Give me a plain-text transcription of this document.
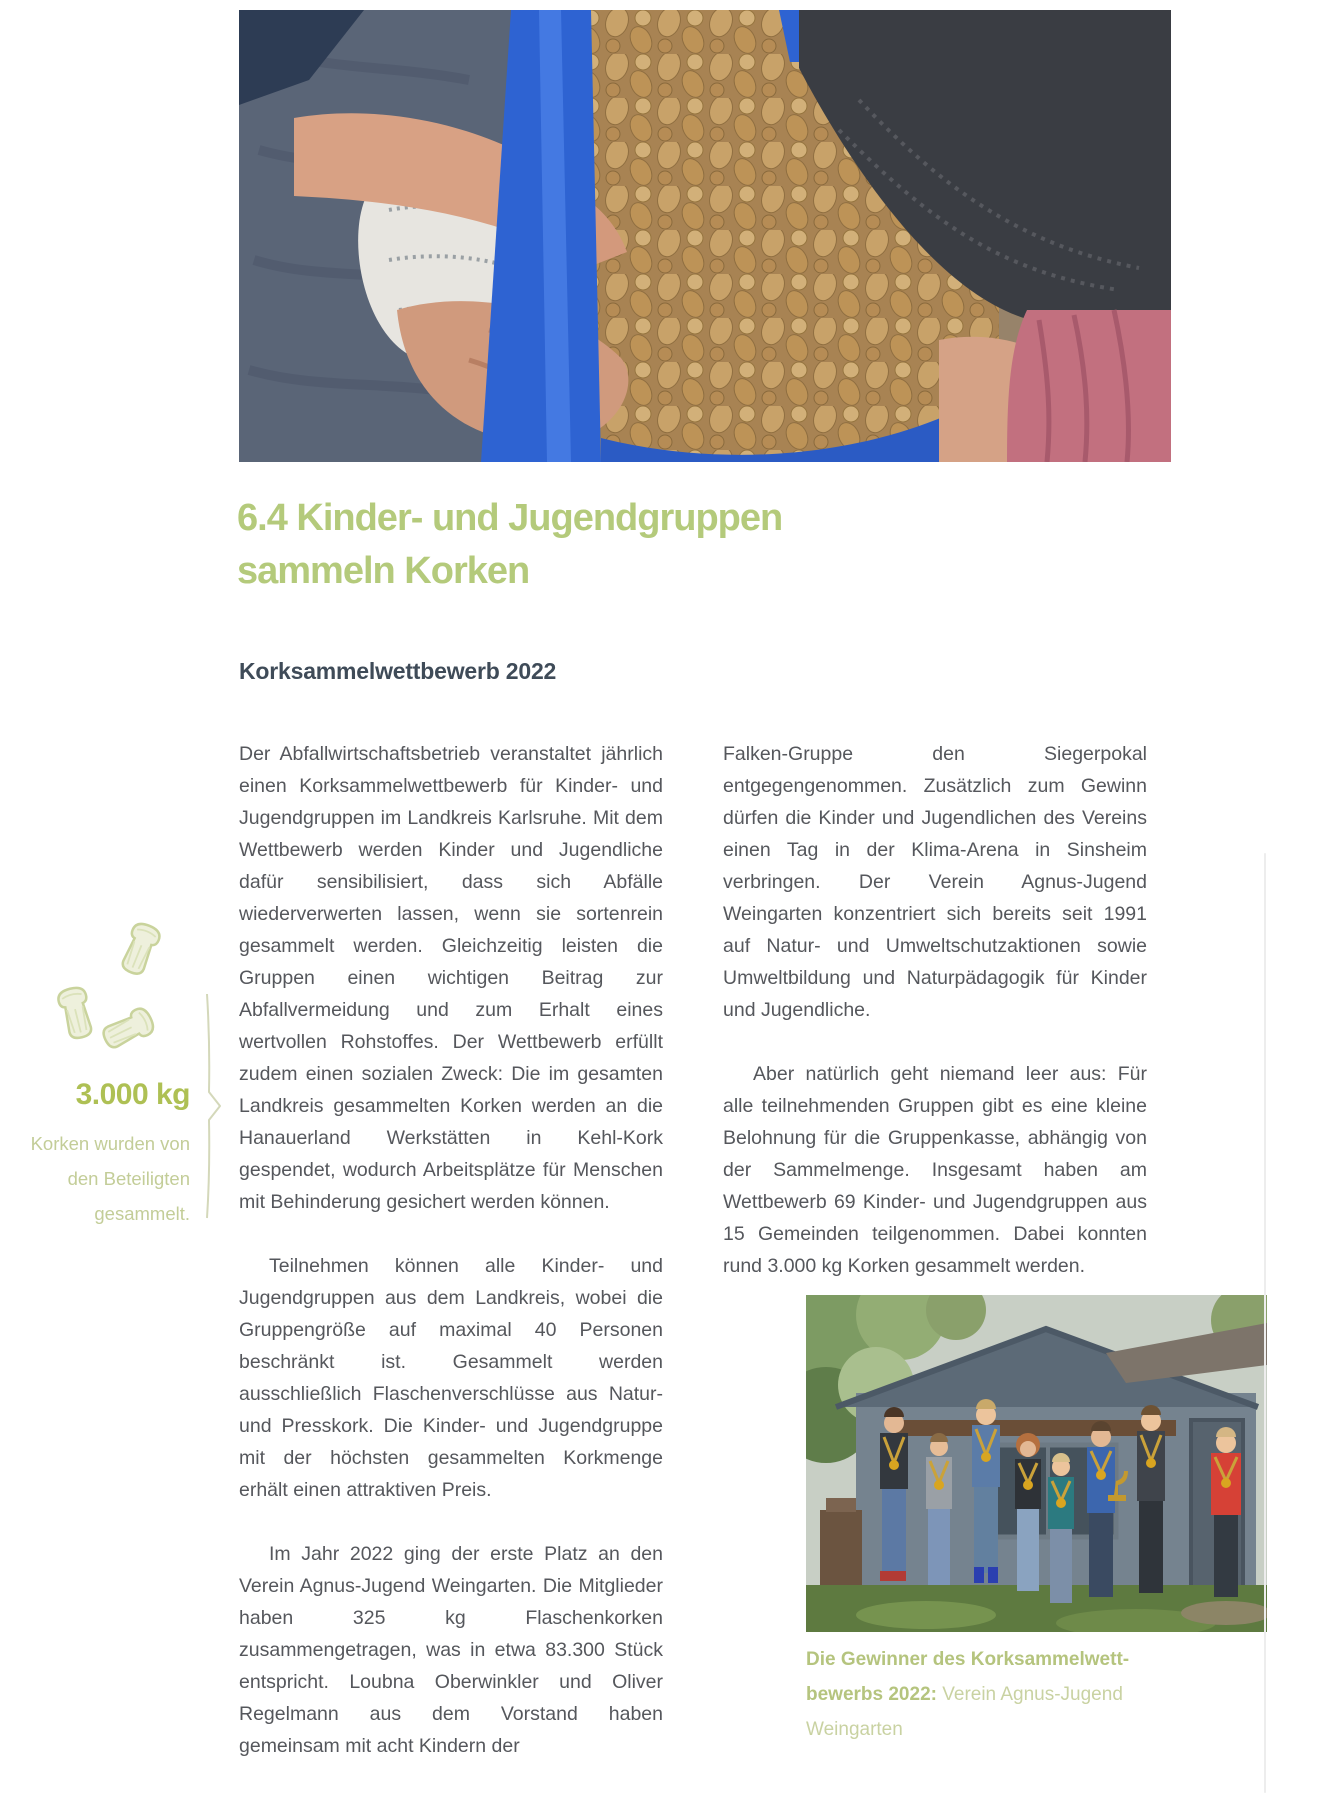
6.4 Kinder- und Jugendgruppen
sammeln Korken
Korksammelwettbewerb 2022

Der Abfallwirtschaftsbetrieb veranstaltet jährlich einen Korksammelwettbewerb für Kinder- und Jugendgruppen im Landkreis Karlsruhe. Mit dem Wettbewerb werden Kinder und Jugendliche dafür sensibilisiert, dass sich Abfälle wiederverwerten lassen, wenn sie sortenrein gesammelt werden. Gleichzeitig leisten die Gruppen einen wichtigen Beitrag zur Abfallvermeidung und zum Erhalt eines wertvollen Rohstoffes. Der Wettbewerb erfüllt zudem einen sozialen Zweck: Die im gesamten Landkreis gesammelten Korken werden an die Hanauerland Werkstätten in Kehl-Kork gespendet, wodurch Arbeitsplätze für Menschen mit Behinderung gesichert werden können.

Teilnehmen können alle Kinder- und Jugendgruppen aus dem Landkreis, wobei die Gruppengröße auf maximal 40 Personen beschränkt ist. Gesammelt werden ausschließlich Flaschenverschlüsse aus Natur- und Presskork. Die Kinder- und Jugendgruppe mit der höchsten gesammelten Korkmenge erhält einen attraktiven Preis.

Im Jahr 2022 ging der erste Platz an den Verein Agnus-Jugend Weingarten. Die Mitglieder haben 325 kg Flaschenkorken zusammengetragen, was in etwa 83.300 Stück entspricht. Loubna Oberwinkler und Oliver Regelmann aus dem Vorstand haben gemeinsam mit acht Kindern der

Falken-Gruppe den Siegerpokal entgegengenommen. Zusätzlich zum Gewinn dürfen die Kinder und Jugendlichen des Vereins einen Tag in der Klima-Arena in Sinsheim verbringen. Der Verein Agnus-Jugend Weingarten konzentriert sich bereits seit 1991 auf Natur- und Umweltschutzaktionen sowie Umweltbildung und Naturpädagogik für Kinder und Jugendliche.

Aber natürlich geht niemand leer aus: Für alle teilnehmenden Gruppen gibt es eine kleine Belohnung für die Gruppenkasse, abhängig von der Sammelmenge. Insgesamt haben am Wettbewerb 69 Kinder- und Jugendgruppen aus 15 Gemeinden teilgenommen. Dabei konnten rund 3.000 kg Korken gesammelt werden.

3.000 kg
Korken wurden von
den Beteiligten
gesammelt.
Die Gewinner des Korksammelwett-
bewerbs 2022: Verein Agnus-Jugend
Weingarten
